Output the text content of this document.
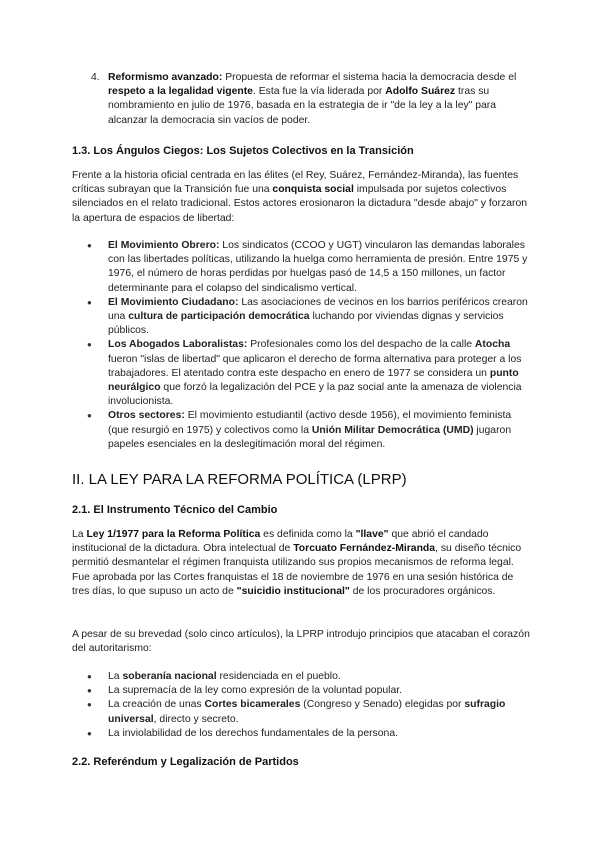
4. Reformismo avanzado: Propuesta de reformar el sistema hacia la democracia desde el respeto a la legalidad vigente. Esta fue la vía liderada por Adolfo Suárez tras su nombramiento en julio de 1976, basada en la estrategia de ir "de la ley a la ley" para alcanzar la democracia sin vacíos de poder.

1.3. Los Ángulos Ciegos: Los Sujetos Colectivos en la Transición

Frente a la historia oficial centrada en las élites (el Rey, Suárez, Fernández-Miranda), las fuentes críticas subrayan que la Transición fue una conquista social impulsada por sujetos colectivos silenciados en el relato tradicional. Estos actores erosionaron la dictadura "desde abajo" y forzaron la apertura de espacios de libertad:

● El Movimiento Obrero: Los sindicatos (CCOO y UGT) vincularon las demandas laborales con las libertades políticas, utilizando la huelga como herramienta de presión. Entre 1975 y 1976, el número de horas perdidas por huelgas pasó de 14,5 a 150 millones, un factor determinante para el colapso del sindicalismo vertical.
● El Movimiento Ciudadano: Las asociaciones de vecinos en los barrios periféricos crearon una cultura de participación democrática luchando por viviendas dignas y servicios públicos.
● Los Abogados Laboralistas: Profesionales como los del despacho de la calle Atocha fueron "islas de libertad" que aplicaron el derecho de forma alternativa para proteger a los trabajadores. El atentado contra este despacho en enero de 1977 se considera un punto neurálgico que forzó la legalización del PCE y la paz social ante la amenaza de violencia involucionista.
● Otros sectores: El movimiento estudiantil (activo desde 1956), el movimiento feminista (que resurgió en 1975) y colectivos como la Unión Militar Democrática (UMD) jugaron papeles esenciales en la deslegitimación moral del régimen.
II. LA LEY PARA LA REFORMA POLÍTICA (LPRP)
2.1. El Instrumento Técnico del Cambio

La Ley 1/1977 para la Reforma Política es definida como la "llave" que abrió el candado institucional de la dictadura. Obra intelectual de Torcuato Fernández-Miranda, su diseño técnico permitió desmantelar el régimen franquista utilizando sus propios mecanismos de reforma legal. Fue aprobada por las Cortes franquistas el 18 de noviembre de 1976 en una sesión histórica de tres días, lo que supuso un acto de "suicidio institucional" de los procuradores orgánicos.

A pesar de su brevedad (solo cinco artículos), la LPRP introdujo principios que atacaban el corazón del autoritarismo:

● La soberanía nacional residenciada en el pueblo.
● La supremacía de la ley como expresión de la voluntad popular.
● La creación de unas Cortes bicamerales (Congreso y Senado) elegidas por sufragio universal, directo y secreto.
● La inviolabilidad de los derechos fundamentales de la persona.
2.2. Referéndum y Legalización de Partidos
